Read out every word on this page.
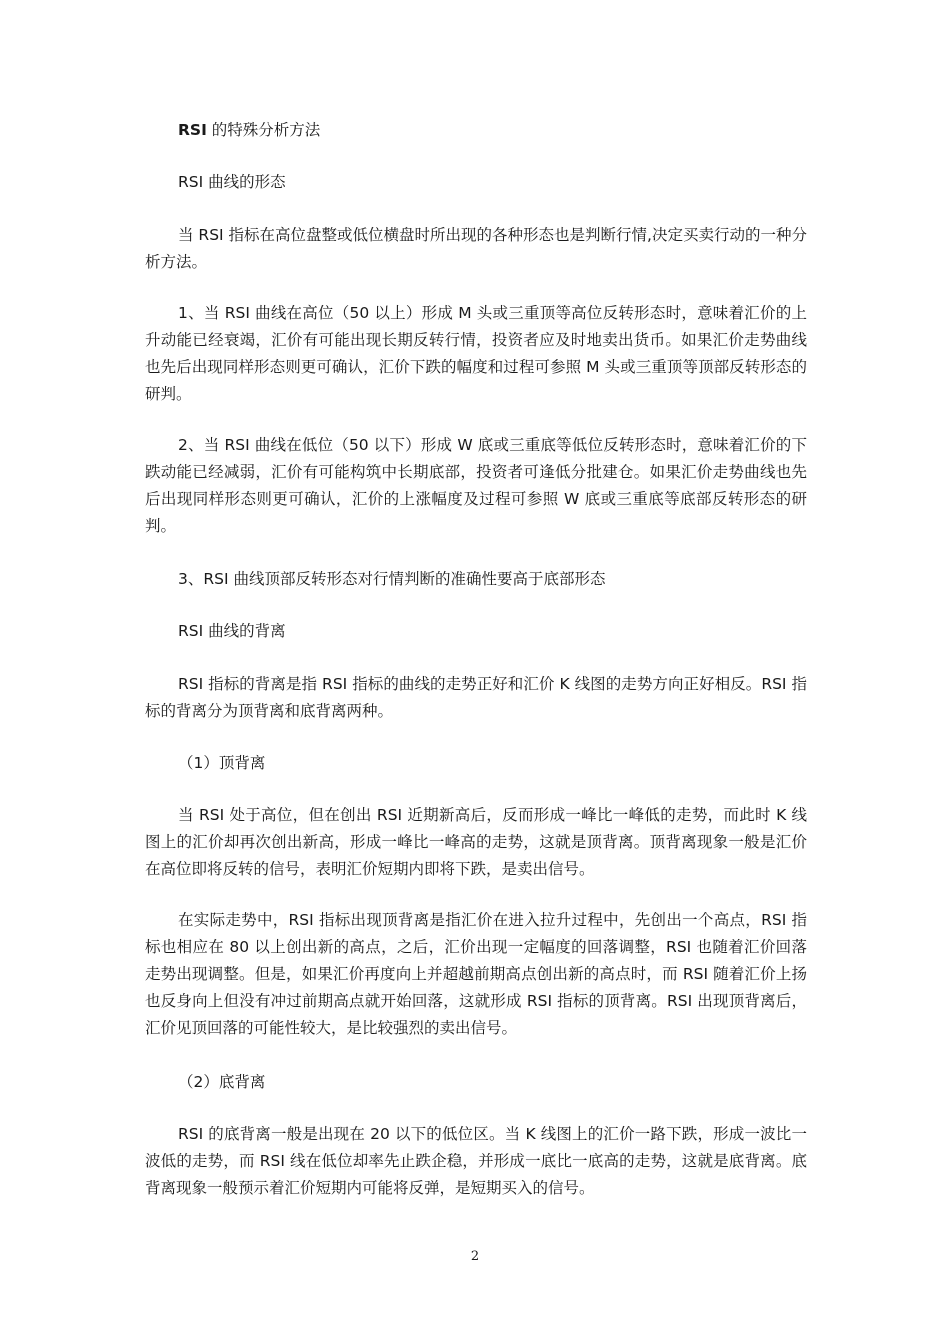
RSI 的特殊分析方法
RSI 曲线的形态
当 RSI 指标在高位盘整或低位横盘时所出现的各种形态也是判断行情,决定买卖行动的一种分析方法。
1、当 RSI 曲线在高位（50 以上）形成 M 头或三重顶等高位反转形态时，意味着汇价的上升动能已经衰竭，汇价有可能出现长期反转行情，投资者应及时地卖出货币。如果汇价走势曲线也先后出现同样形态则更可确认，汇价下跌的幅度和过程可参照 M 头或三重顶等顶部反转形态的研判。
2、当 RSI 曲线在低位（50 以下）形成 W 底或三重底等低位反转形态时，意味着汇价的下跌动能已经减弱，汇价有可能构筑中长期底部，投资者可逢低分批建仓。如果汇价走势曲线也先后出现同样形态则更可确认，汇价的上涨幅度及过程可参照 W 底或三重底等底部反转形态的研判。
3、RSI 曲线顶部反转形态对行情判断的准确性要高于底部形态
RSI 曲线的背离
RSI 指标的背离是指 RSI 指标的曲线的走势正好和汇价 K 线图的走势方向正好相反。RSI 指标的背离分为顶背离和底背离两种。
（1）顶背离
当 RSI 处于高位，但在创出 RSI 近期新高后，反而形成一峰比一峰低的走势，而此时 K 线图上的汇价却再次创出新高，形成一峰比一峰高的走势，这就是顶背离。顶背离现象一般是汇价在高位即将反转的信号，表明汇价短期内即将下跌，是卖出信号。
在实际走势中，RSI 指标出现顶背离是指汇价在进入拉升过程中，先创出一个高点，RSI 指标也相应在 80 以上创出新的高点，之后，汇价出现一定幅度的回落调整，RSI 也随着汇价回落走势出现调整。但是，如果汇价再度向上并超越前期高点创出新的高点时，而 RSI 随着汇价上扬也反身向上但没有冲过前期高点就开始回落，这就形成 RSI 指标的顶背离。RSI 出现顶背离后，汇价见顶回落的可能性较大，是比较强烈的卖出信号。
（2）底背离
RSI 的底背离一般是出现在 20 以下的低位区。当 K 线图上的汇价一路下跌，形成一波比一波低的走势，而 RSI 线在低位却率先止跌企稳，并形成一底比一底高的走势，这就是底背离。底背离现象一般预示着汇价短期内可能将反弹，是短期买入的信号。
2
